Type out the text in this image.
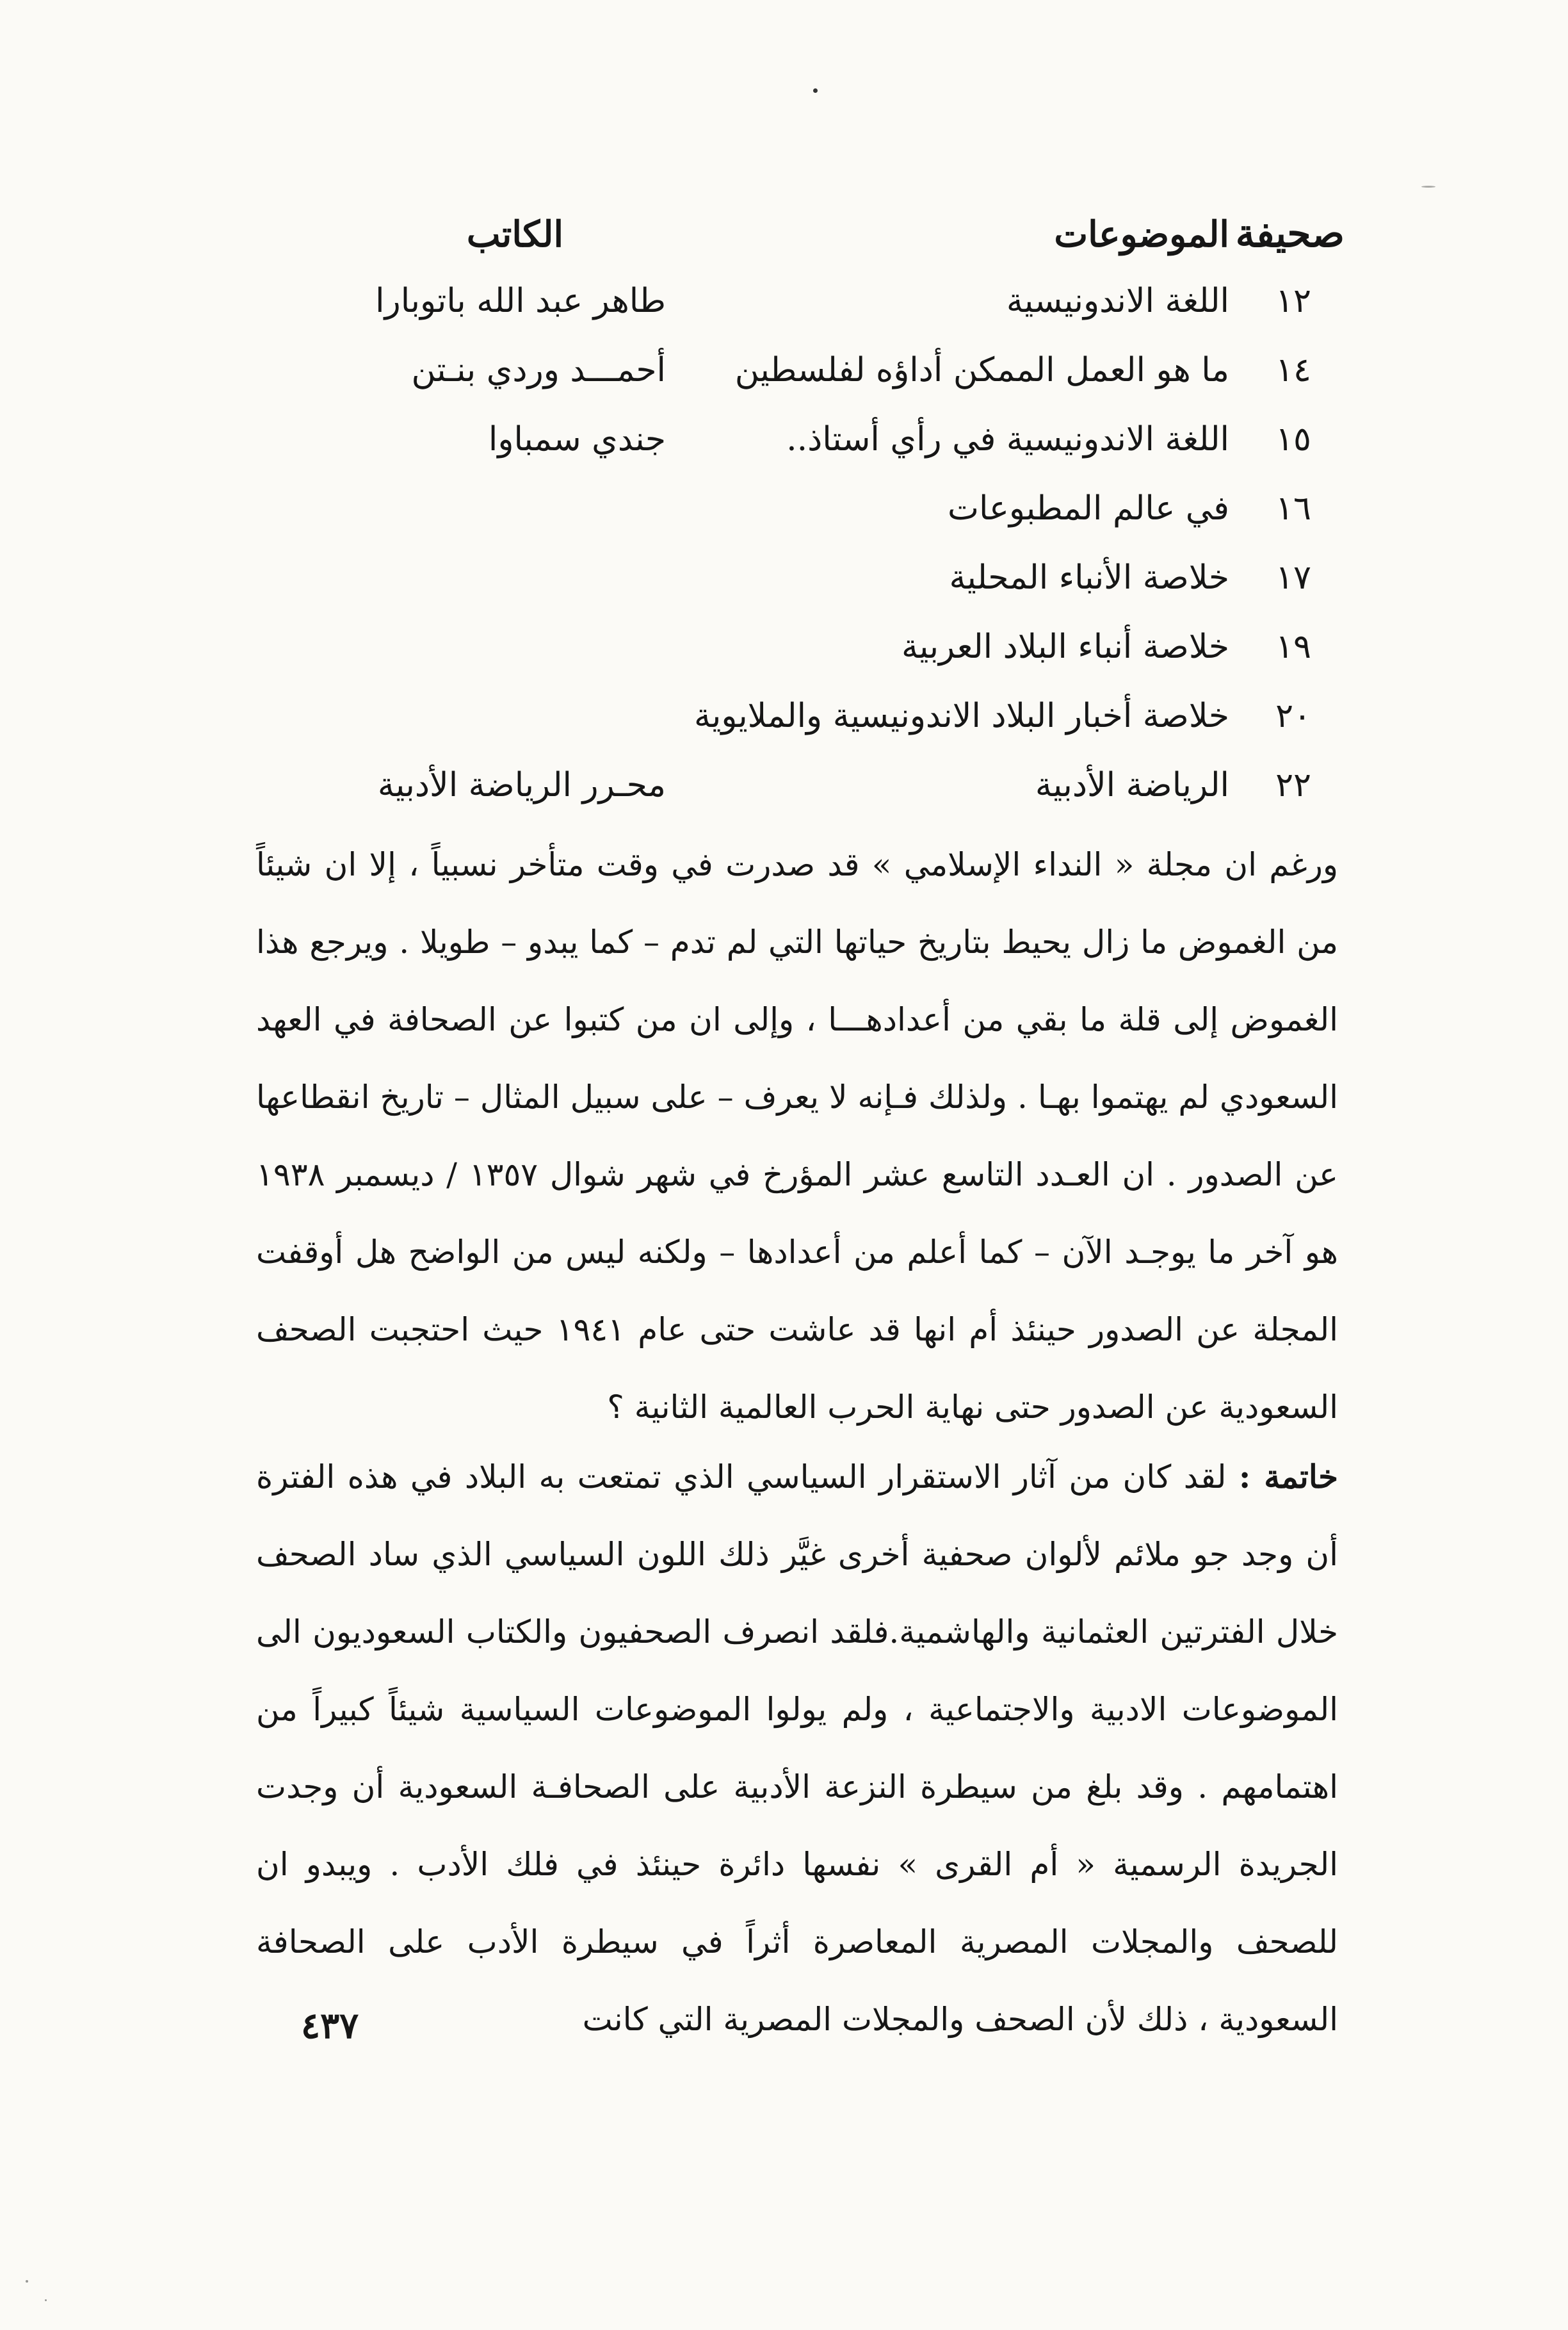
صحيفة
الموضوعات
الكاتب
١٢
اللغة الاندونيسية
طاهر عبد الله باتوبارا
١٤
ما هو العمل الممكن أداؤه لفلسطين
أحمـــد وردي بنـتن
١٥
اللغة الاندونيسية في رأي أستاذ..
جندي سمباوا
١٦
في عالم المطبوعات
١٧
خلاصة الأنباء المحلية
١٩
خلاصة أنباء البلاد العربية
٢٠
خلاصة أخبار البلاد الاندونيسية والملايوية
٢٢
الرياضة الأدبية
محـرر الرياضة الأدبية

ورغم ان مجلة « النداء الإسلامي » قد صدرت في وقت متأخر نسبياً ، إلا ان شيئاً من الغموض ما زال يحيط بتاريخ حياتها التي لم تدم – كما يبدو – طويلا . ويرجع هذا الغموض إلى قلة ما بقي من أعدادهـــا ، وإلى ان من كتبوا عن الصحافة في العهد السعودي لم يهتموا بهـا . ولذلك فـإنه لا يعرف – على سبيل المثال – تاريخ انقطاعها عن الصدور . ان العـدد التاسع عشر المؤرخ في شهر شوال ١٣٥٧ / ديسمبر ١٩٣٨ هو آخر ما يوجـد الآن – كما أعلم من أعدادها – ولكنه ليس من الواضح هل أوقفت المجلة عن الصدور حينئذ أم انها قد عاشت حتى عام ١٩٤١ حيث احتجبت الصحف السعودية عن الصدور حتى نهاية الحرب العالمية الثانية ؟

خاتمة : لقد كان من آثار الاستقرار السياسي الذي تمتعت به البلاد في هذه الفترة أن وجد جو ملائم لألوان صحفية أخرى غيَّر ذلك اللون السياسي الذي ساد الصحف خلال الفترتين العثمانية والهاشمية.فلقد انصرف الصحفيون والكتاب السعوديون الى الموضوعات الادبية والاجتماعية ، ولم يولوا الموضوعات السياسية شيئاً كبيراً من اهتمامهم . وقد بلغ من سيطرة النزعة الأدبية على الصحافـة السعودية أن وجدت الجريدة الرسمية « أم القرى » نفسها دائرة حينئذ في فلك الأدب . ويبدو ان للصحف والمجلات المصرية المعاصرة أثراً في سيطرة الأدب على الصحافة السعودية ، ذلك لأن الصحف والمجلات المصرية التي كانت

٤٣٧
